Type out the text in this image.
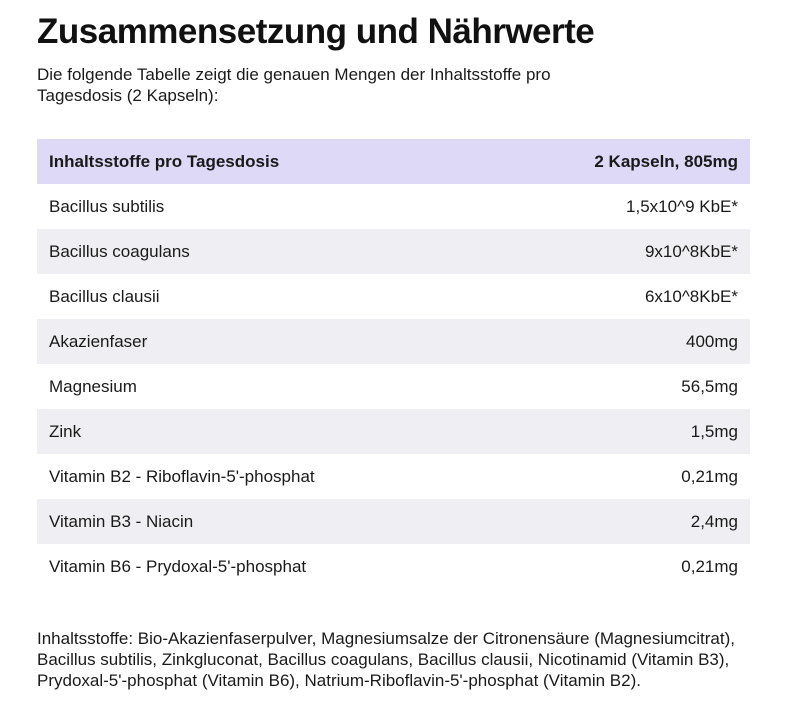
Zusammensetzung und Nährwerte

Die folgende Tabelle zeigt die genauen Mengen der Inhaltsstoffe pro Tagesdosis (2 Kapseln):

Inhaltsstoffe pro Tagesdosis	2 Kapseln, 805mg
Bacillus subtilis	1,5x10^9 KbE*
Bacillus coagulans	9x10^8KbE*
Bacillus clausii	6x10^8KbE*
Akazienfaser	400mg
Magnesium	56,5mg
Zink	1,5mg
Vitamin B2 - Riboflavin-5'-phosphat	0,21mg
Vitamin B3 - Niacin	2,4mg
Vitamin B6 - Prydoxal-5'-phosphat	0,21mg

Inhaltsstoffe: Bio-Akazienfaserpulver, Magnesiumsalze der Citronensäure (Magnesiumcitrat), Bacillus subtilis, Zinkgluconat, Bacillus coagulans, Bacillus clausii, Nicotinamid (Vitamin B3), Prydoxal-5'-phosphat (Vitamin B6), Natrium-Riboflavin-5'-phosphat (Vitamin B2).
